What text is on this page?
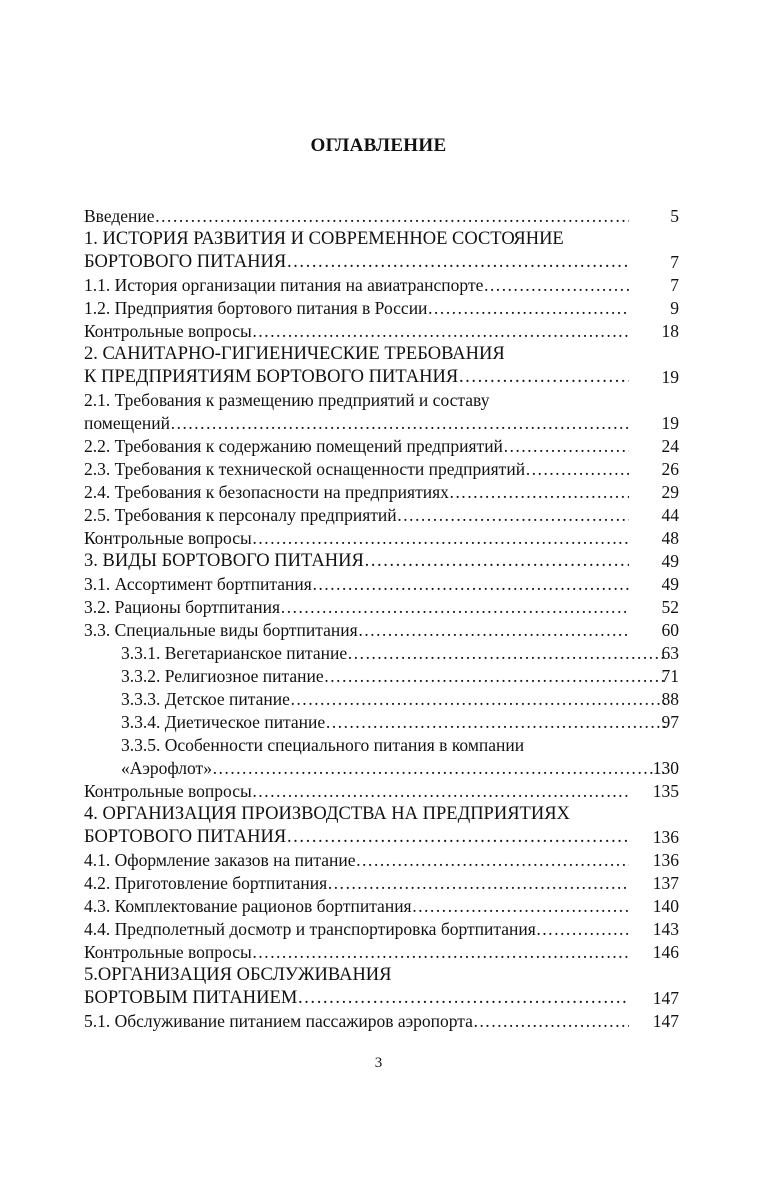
ОГЛАВЛЕНИЕ
Введение ……………………………………………………………………………………………………………………………………………………	5
1. ИСТОРИЯ РАЗВИТИЯ И СОВРЕМЕННОЕ СОСТОЯНИЕ
БОРТОВОГО ПИТАНИЯ ……………………………………………………………………………………………………………………………………………………	7
1.1. История организации питания на авиатранспорте ……………………………………………………………………………………………………………………………………………………	7
1.2. Предприятия бортового питания в России ……………………………………………………………………………………………………………………………………………………	9
Контрольные вопросы ……………………………………………………………………………………………………………………………………………………	18
2. САНИТАРНО-ГИГИЕНИЧЕСКИЕ ТРЕБОВАНИЯ
К ПРЕДПРИЯТИЯМ БОРТОВОГО ПИТАНИЯ ……………………………………………………………………………………………………………………………………………………	19
2.1. Требования к размещению предприятий и составу
помещений ……………………………………………………………………………………………………………………………………………………	19
2.2. Требования к содержанию помещений предприятий ……………………………………………………………………………………………………………………………………………………	24
2.3. Требования к технической оснащенности предприятий ……………………………………………………………………………………………………………………………………………………	26
2.4. Требования к безопасности на предприятиях ……………………………………………………………………………………………………………………………………………………	29
2.5. Требования к персоналу предприятий ……………………………………………………………………………………………………………………………………………………	44
Контрольные вопросы ……………………………………………………………………………………………………………………………………………………	48
3. ВИДЫ БОРТОВОГО ПИТАНИЯ ……………………………………………………………………………………………………………………………………………………	49
3.1. Ассортимент бортпитания ……………………………………………………………………………………………………………………………………………………	49
3.2. Рационы бортпитания ……………………………………………………………………………………………………………………………………………………	52
3.3. Специальные виды бортпитания ……………………………………………………………………………………………………………………………………………………	60
3.3.1. Вегетарианское питание ……………………………………………………………………………………………………………………………………………………	63
3.3.2. Религиозное питание ……………………………………………………………………………………………………………………………………………………	71
3.3.3. Детское питание ……………………………………………………………………………………………………………………………………………………	88
3.3.4. Диетическое питание ……………………………………………………………………………………………………………………………………………………	97
3.3.5. Особенности специального питания в компании
«Аэрофлот» ……………………………………………………………………………………………………………………………………………………	130
Контрольные вопросы ……………………………………………………………………………………………………………………………………………………	135
4. ОРГАНИЗАЦИЯ ПРОИЗВОДСТВА НА ПРЕДПРИЯТИЯХ
БОРТОВОГО ПИТАНИЯ ……………………………………………………………………………………………………………………………………………………	136
4.1. Оформление заказов на питание ……………………………………………………………………………………………………………………………………………………	136
4.2. Приготовление бортпитания ……………………………………………………………………………………………………………………………………………………	137
4.3. Комплектование рационов бортпитания ……………………………………………………………………………………………………………………………………………………	140
4.4. Предполетный досмотр и транспортировка бортпитания ……………………………………………………………………………………………………………………………………………………	143
Контрольные вопросы ……………………………………………………………………………………………………………………………………………………	146
5.ОРГАНИЗАЦИЯ ОБСЛУЖИВАНИЯ
БОРТОВЫМ ПИТАНИЕМ ……………………………………………………………………………………………………………………………………………………	147
5.1. Обслуживание питанием пассажиров аэропорта ……………………………………………………………………………………………………………………………………………………	147
3
